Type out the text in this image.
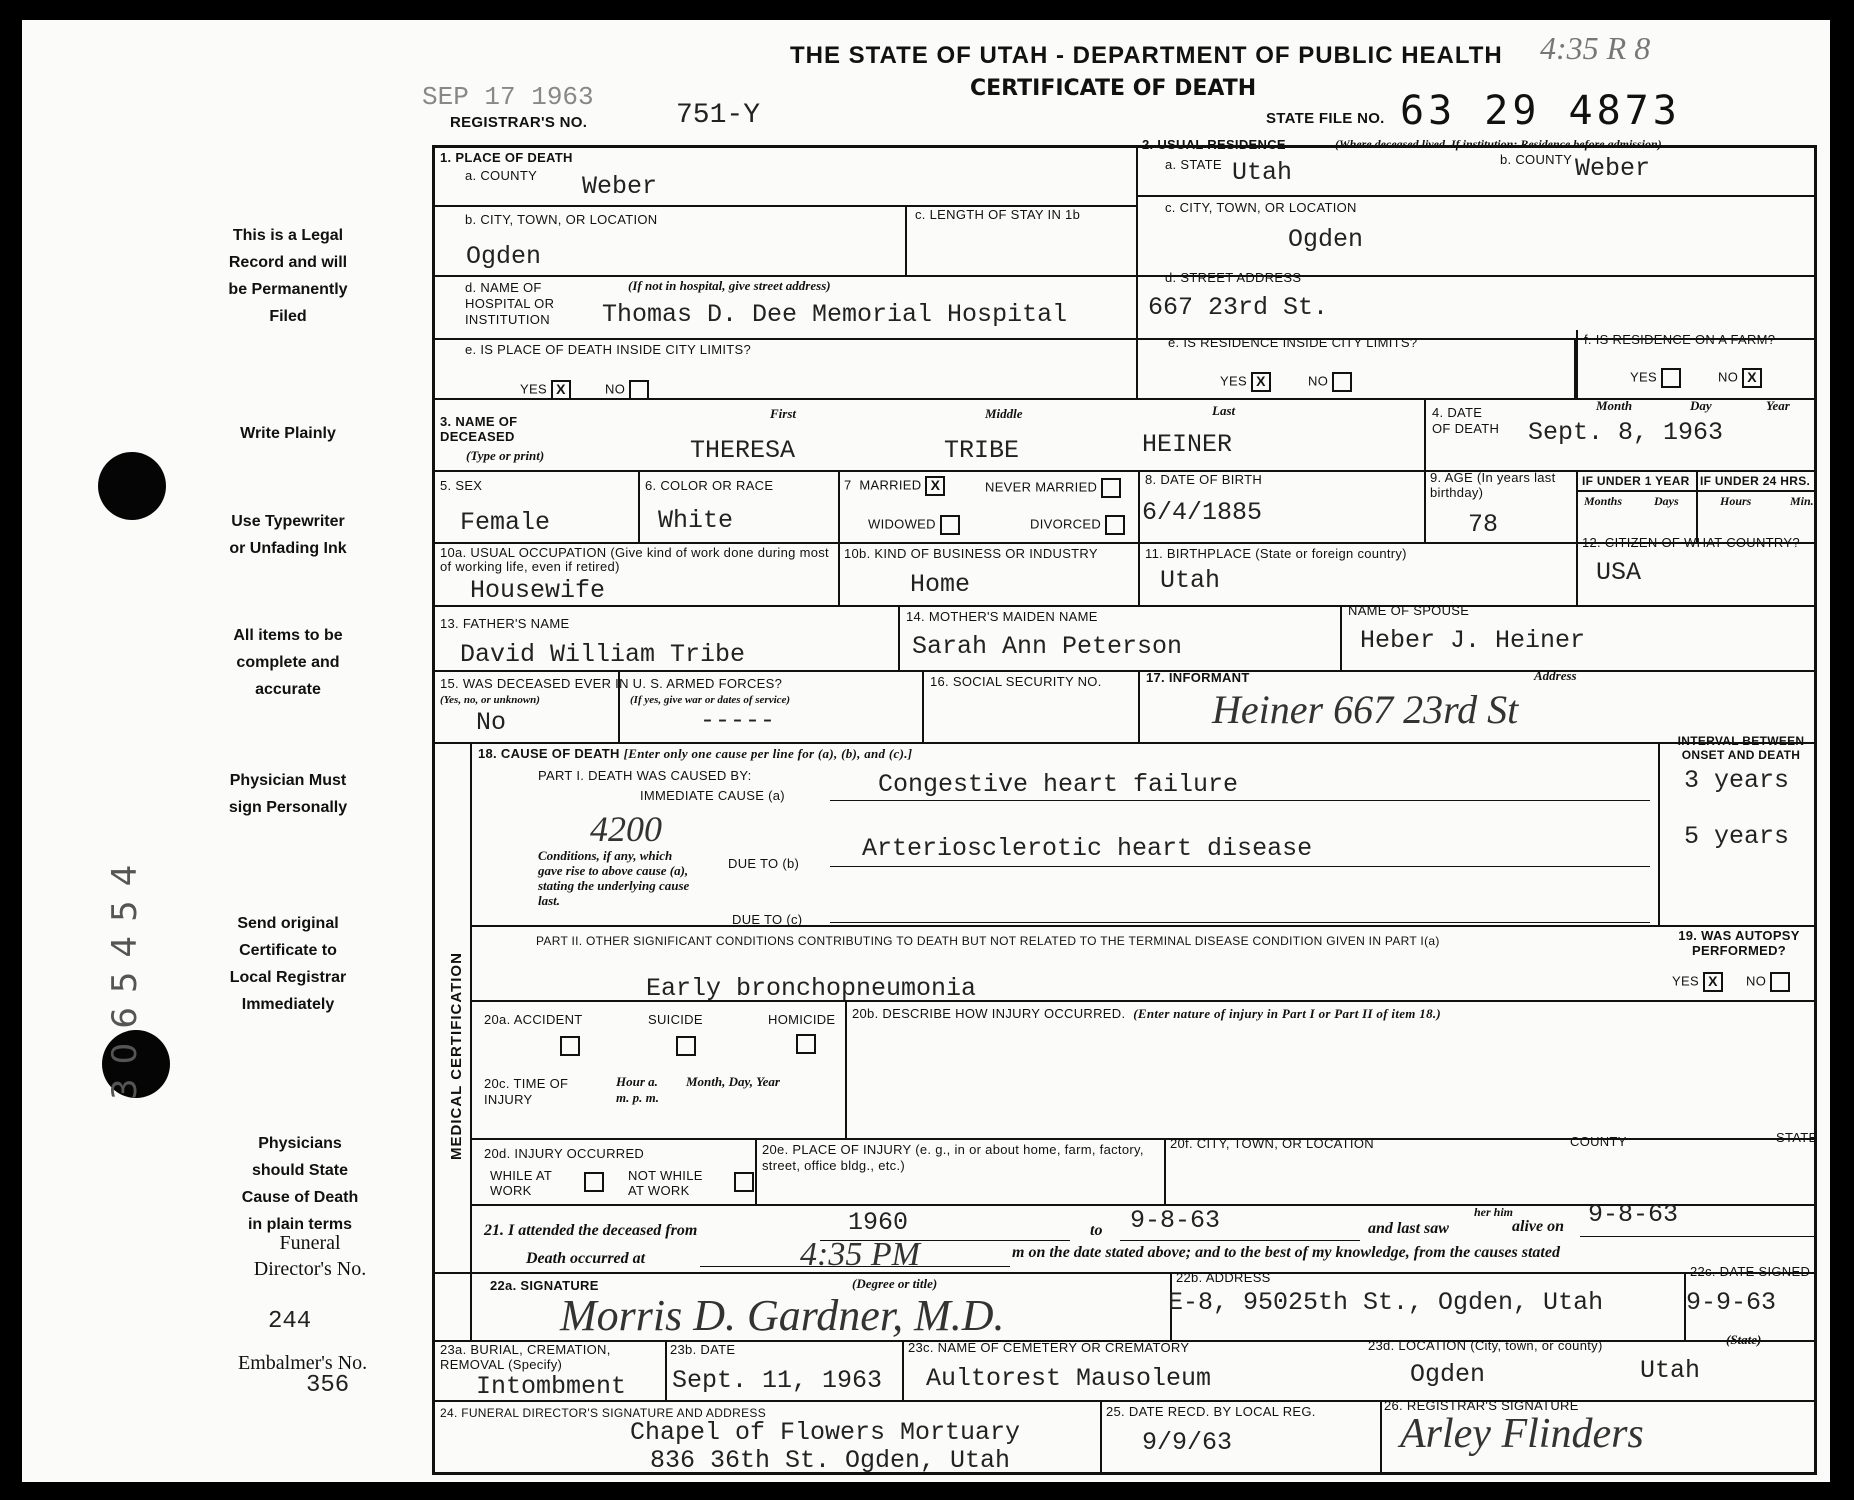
THE STATE OF UTAH - DEPARTMENT OF PUBLIC HEALTH
CERTIFICATE OF DEATH
SEP 17 1963
REGISTRAR'S NO.	751-Y	STATE FILE NO. 63 29 4873
4:35 R 8
This is a Legal Record and will be Permanently Filed
Write Plainly
Use Typewriter or Unfading Ink
All items to be complete and accurate
Physician Must sign Personally
Send original Certificate to Local Registrar Immediately
Physicians should State Cause of Death in plain terms
Funeral Director's No.
244
Embalmer's No.
356
3065454
1. PLACE OF DEATH
a. COUNTY Weber
2. USUAL RESIDENCE	(Where deceased lived. If institution: Residence before admission)
a. STATE Utah	b. COUNTY Weber
b. CITY, TOWN, OR LOCATION
Ogden
c. LENGTH OF STAY IN 1b	c. CITY, TOWN, OR LOCATION
Ogden
d. NAME OF HOSPITAL OR INSTITUTION
(If not in hospital, give street address)
Thomas D. Dee Memorial Hospital
d. STREET ADDRESS
667 23rd St.
e. IS PLACE OF DEATH INSIDE CITY LIMITS?
YES X	NO
e. IS RESIDENCE INSIDE CITY LIMITS?
YES X	NO
f. IS RESIDENCE ON A FARM?
YES	NO X
3. NAME OF DECEASED
(Type or print)
First	Middle	Last
THERESA	TRIBE	HEINER
4. DATE OF DEATH
Month	Day	Year
Sept. 8, 1963
5. SEX
Female
6. COLOR OR RACE
White
7 MARRIED X	NEVER MARRIED
WIDOWED	DIVORCED
8. DATE OF BIRTH
6/4/1885
9. AGE (In years last birthday)
78
IF UNDER 1 YEAR IF UNDER 24 HRS.
Months	Days	Hours	Min.
10a. USUAL OCCUPATION (Give kind of work done during most of working life, even if retired)
Housewife
10b. KIND OF BUSINESS OR INDUSTRY
Home
11. BIRTHPLACE (State or foreign country)
Utah
12. CITIZEN OF WHAT COUNTRY?
USA
13. FATHER'S NAME
David William Tribe
14. MOTHER'S MAIDEN NAME
Sarah Ann Peterson
NAME OF SPOUSE
Heber J. Heiner
15. WAS DECEASED EVER IN U. S. ARMED FORCES?
(Yes, no, or unknown)	(If yes, give war or dates of service)
No	-----
16. SOCIAL SECURITY NO.	17. INFORMANT	Address
Heiner 667 23rd St
MEDICAL CERTIFICATION
18. CAUSE OF DEATH [Enter only one cause per line for (a), (b), and (c).]
PART I. DEATH WAS CAUSED BY:
IMMEDIATE CAUSE (a)	Congestive heart failure
4200
Conditions, if any, which gave rise to above cause (a), stating the underlying cause last.
DUE TO (b)
Arteriosclerotic heart disease
DUE TO (c)
INTERVAL BETWEEN ONSET AND DEATH
3 years
5 years
PART II. OTHER SIGNIFICANT CONDITIONS CONTRIBUTING TO DEATH BUT NOT RELATED TO THE TERMINAL DISEASE CONDITION GIVEN IN PART I(a)
Early bronchopneumonia
19. WAS AUTOPSY PERFORMED?
YES X	NO
20a. ACCIDENT	SUICIDE	HOMICIDE 20b. DESCRIBE HOW INJURY OCCURRED. (Enter nature of injury in Part I or Part II of item 18.)
20c. TIME OF INJURY
Hour a. m. p. m.
Month, Day, Year
20d. INJURY OCCURRED
WHILE AT WORK
NOT WHILE AT WORK
20e. PLACE OF INJURY (e. g., in or about home, farm, factory, street, office bldg., etc.)
20f. CITY, TOWN, OR LOCATION	COUNTY	STATE
21. I attended the deceased from	1960	to 9-8-63	and last saw
her him
alive on 9-8-63
Death occurred at	4:35 PM	m on the date stated above; and to the best of my knowledge, from the causes stated
22a. SIGNATURE	(Degree or title)
Morris D. Gardner, M.D.
22b. ADDRESS
E-8, 95025th St., Ogden, Utah
22c. DATE SIGNED
9-9-63
23a. BURIAL, CREMATION, REMOVAL (Specify)
Intombment
23b. DATE
Sept. 11, 1963
23c. NAME OF CEMETERY OR CREMATORY
Aultorest Mausoleum
23d. LOCATION (City, town, or county)	(State)
Ogden	Utah
24. FUNERAL DIRECTOR'S SIGNATURE AND ADDRESS
Chapel of Flowers Mortuary
836 36th St. Ogden, Utah
25. DATE RECD. BY LOCAL REG.
9/9/63
26. REGISTRAR'S SIGNATURE
Arley Flinders
